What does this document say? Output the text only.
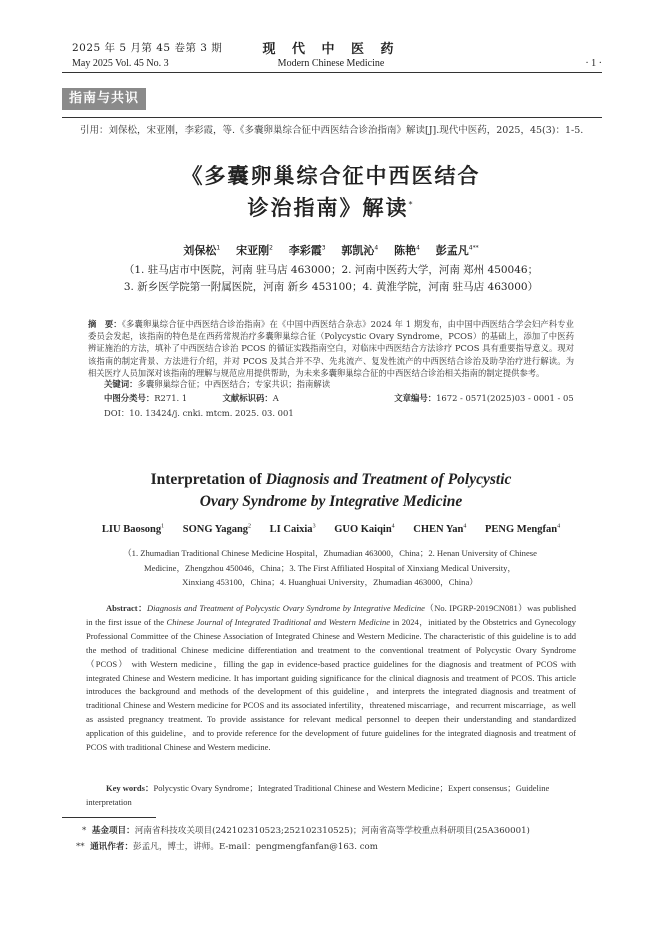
2025 年 5 月第 45 卷第 3 期
May 2025 Vol. 45 No. 3
现 代 中 医 药
Modern Chinese Medicine	· 1 ·
指南与共识
引用：刘保松，宋亚刚，李彩霞，等.《多囊卵巢综合征中西医结合诊治指南》解读[J].现代中医药，2025，45(3)：1-5.
《多囊卵巢综合征中西医结合
诊治指南》解读*
刘保松$^1$ 宋亚刚$^2$ 李彩霞$^3$ 郭凯沁$^4$ 陈艳$^4$ 彭孟凡$^{4**}$
（1. 驻马店市中医院，河南 驻马店 463000；2. 河南中医药大学，河南 郑州 450046；
3. 新乡医学院第一附属医院，河南 新乡 453100；4. 黄淮学院，河南 驻马店 463000）
摘　要：《多囊卵巢综合征中西医结合诊治指南》在《中国中西医结合杂志》2024 年 1 期发布，由中国中西医结合学会妇产科专业委员会发起，该指南的特色是在西药常规治疗多囊卵巢综合征（Polycystic Ovary Syndrome，PCOS）的基础上，添加了中医药辨证施治的方法，填补了中西医结合诊治 PCOS 的循证实践指南空白，对临床中西医结合方法诊疗 PCOS 具有重要指导意义。现对该指南的制定背景、方法进行介绍，并对 PCOS 及其合并不孕、先兆流产、复发性流产的中西医结合诊治及助孕治疗进行解读。为相关医疗人员加深对该指南的理解与规范应用提供帮助，为未来多囊卵巢综合征的中西医结合诊治相关指南的制定提供参考。
关键词：多囊卵巢综合征；中西医结合；专家共识；指南解读
中图分类号：R271. 1	文献标识码：A	文章编号：1672 - 0571(2025)03 - 0001 - 05
DOI：10. 13424/j. cnki. mtcm. 2025. 03. 001
Interpretation of Diagnosis and Treatment of Polycystic
Ovary Syndrome by Integrative Medicine
LIU Baosong$^1$ SONG Yagang$^2$ LI Caixia$^3$ GUO Kaiqin$^4$ CHEN Yan$^4$ PENG Mengfan$^4$
（1. Zhumadian Traditional Chinese Medicine Hospital，Zhumadian 463000，China；2. Henan University of Chinese
Medicine，Zhengzhou 450046，China；3. The First Affiliated Hospital of Xinxiang Medical University，
Xinxiang 453100，China；4. Huanghuai University，Zhumadian 463000，China）
Abstract：Diagnosis and Treatment of Polycystic Ovary Syndrome by Integrative Medicine（No. IPGRP-2019CN081）was published in the first issue of the Chinese Journal of Integrated Traditional and Western Medicine in 2024，initiated by the Obstetrics and Gynecology Professional Committee of the Chinese Association of Integrated Chinese and Western Medicine. The characteristic of this guideline is to add the method of traditional Chinese medicine differentiation and treatment to the conventional treatment of Polycystic Ovary Syndrome（PCOS） with Western medicine，filling the gap in evidence-based practice guidelines for the diagnosis and treatment of PCOS with integrated Chinese and Western medicine. It has important guiding significance for the clinical diagnosis and treatment of PCOS. This article introduces the background and methods of the development of this guideline，and interprets the integrated diagnosis and treatment of traditional Chinese and Western medicine for PCOS and its associated infertility，threatened miscarriage，and recurrent miscarriage，as well as assisted pregnancy treatment. To provide assistance for relevant medical personnel to deepen their understanding and standardized application of this guideline，and to provide reference for the development of future guidelines for the integrated diagnosis and treatment of PCOS with traditional Chinese and Western medicine.
Key words：Polycystic Ovary Syndrome；Integrated Traditional Chinese and Western Medicine；Expert consensus；Guideline interpretation
* 基金项目：河南省科技攻关项目(242102310523;252102310525)；河南省高等学校重点科研项目(25A360001)
** 通讯作者：彭孟凡，博士，讲师。E-mail：pengmengfanfan@163. com
